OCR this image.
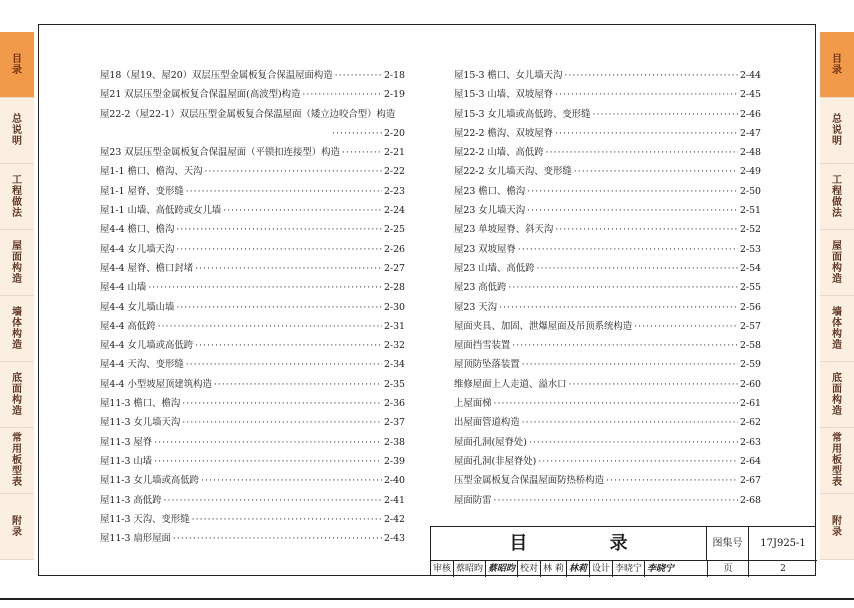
目录
总说明
工程做法
屋面构造
墙体构造
底面构造
常用板型表
附录
目录
总说明
工程做法
屋面构造
墙体构造
底面构造
常用板型表
附录
屋18（屋19、屋20）双层压型金属板复合保温屋面构造 ·····	2-18
屋21 双层压型金属板复合保温屋面(高波型)构造 ·····	2-19
屋22-2（屋22-1）双层压型金属板复合保温屋面（矮立边咬合型）构造
·····
2-20
屋23 双层压型金属板复合保温屋面（平锁扣连接型）构造 ·····	2-21
屋1-1 檐口、檐沟、天沟 ·····	2-22
屋1-1 屋脊、变形缝 ·····	2-23
屋1-1 山墙、高低跨或女儿墙 ·····	2-24
屋4-4 檐口、檐沟 ·····	2-25
屋4-4 女儿墙天沟 ·····	2-26
屋4-4 屋脊、檐口封堵 ·····	2-27
屋4-4 山墙 ·····	2-28
屋4-4 女儿墙山墙 ·····	2-30
屋4-4 高低跨 ·····	2-31
屋4-4 女儿墙或高低跨 ·····	2-32
屋4-4 天沟、变形缝 ·····	2-34
屋4-4 小型坡屋顶建筑构造 ·····	2-35
屋11-3 檐口、檐沟 ·····	2-36
屋11-3 女儿墙天沟 ·····	2-37
屋11-3 屋脊 ·····	2-38
屋11-3 山墙 ·····	2-39
屋11-3 女儿墙或高低跨 ·····	2-40
屋11-3 高低跨 ·····	2-41
屋11-3 天沟、变形缝 ·····	2-42
屋11-3 扇形屋面 ·····	2-43
屋15-3 檐口、女儿墙天沟 ·····	2-44
屋15-3 山墙、双坡屋脊 ·····	2-45
屋15-3 女儿墙或高低跨、变形缝 ·····	2-46
屋22-2 檐沟、双坡屋脊 ·····	2-47
屋22-2 山墙、高低跨 ·····	2-48
屋22-2 女儿墙天沟、变形缝 ·····	2-49
屋23 檐口、檐沟 ·····	2-50
屋23 女儿墙天沟 ·····	2-51
屋23 单坡屋脊、斜天沟 ·····	2-52
屋23 双坡屋脊 ·····	2-53
屋23 山墙、高低跨 ·····	2-54
屋23 高低跨 ·····	2-55
屋23 天沟 ·····	2-56
屋面夹具、加固、泄爆屋面及吊顶系统构造 ·····	2-57
屋面挡雪装置 ·····	2-58
屋顶防坠落装置 ·····	2-59
维修屋面上人走道、溢水口 ·····	2-60
上屋面梯 ·····	2-61
出屋面管道构造 ·····	2-62
屋面孔洞(屋脊处) ·····	2-63
屋面孔洞(非屋脊处) ·····	2-64
压型金属板复合保温屋面防热桥构造 ·····	2-67
屋面防雷 ·····	2-68
目 录	图集号	17J925-1
审核 蔡昭昀 蔡昭昀 校对 林 莉 林莉 设计 李晓宁 李晓宁	页	2
